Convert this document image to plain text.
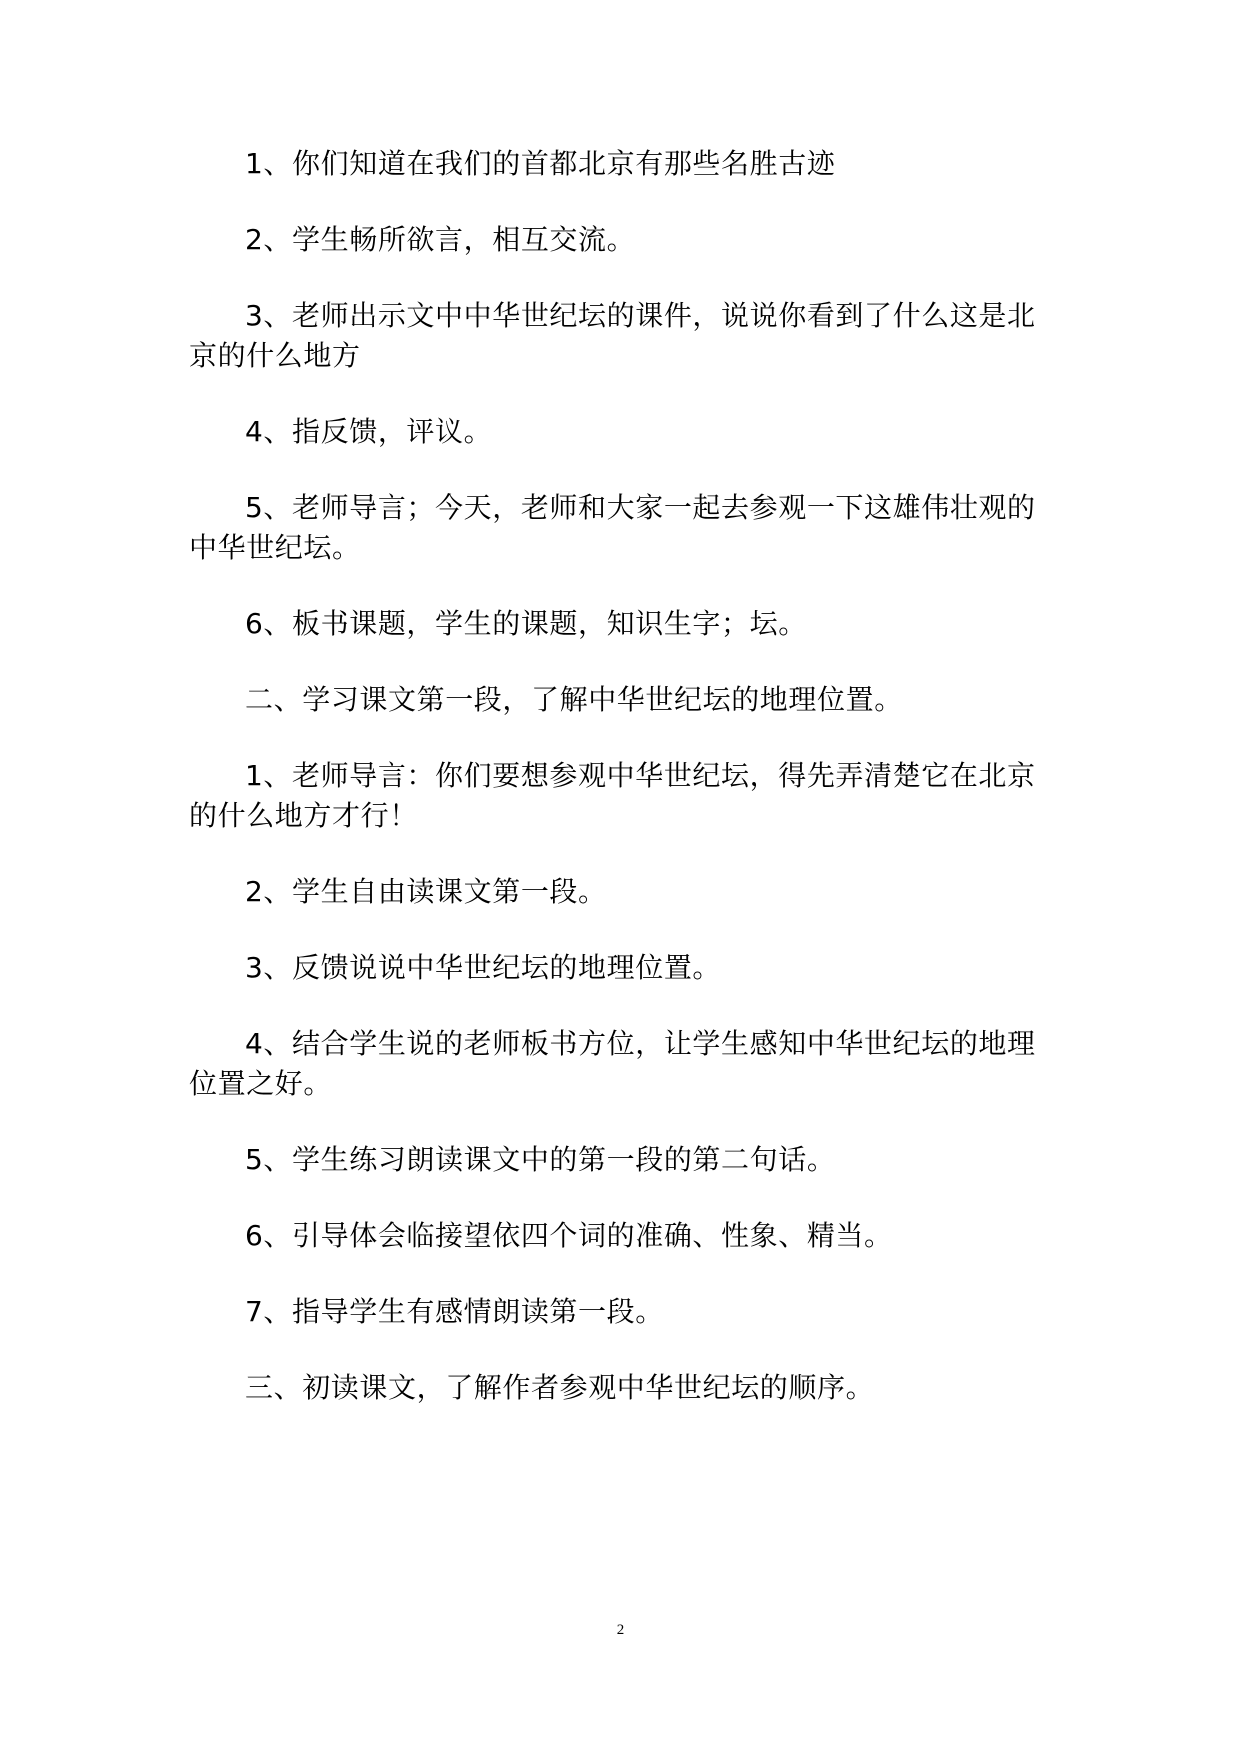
1、你们知道在我们的首都北京有那些名胜古迹

2、学生畅所欲言，相互交流。

3、老师出示文中中华世纪坛的课件，说说你看到了什么这是北京的什么地方

4、指反馈，评议。

5、老师导言；今天，老师和大家一起去参观一下这雄伟壮观的中华世纪坛。

6、板书课题，学生的课题，知识生字；坛。

二、学习课文第一段，了解中华世纪坛的地理位置。

1、老师导言：你们要想参观中华世纪坛，得先弄清楚它在北京的什么地方才行！

2、学生自由读课文第一段。

3、反馈说说中华世纪坛的地理位置。

4、结合学生说的老师板书方位，让学生感知中华世纪坛的地理位置之好。

5、学生练习朗读课文中的第一段的第二句话。

6、引导体会临接望依四个词的准确、性象、精当。

7、指导学生有感情朗读第一段。

三、初读课文，了解作者参观中华世纪坛的顺序。

2
